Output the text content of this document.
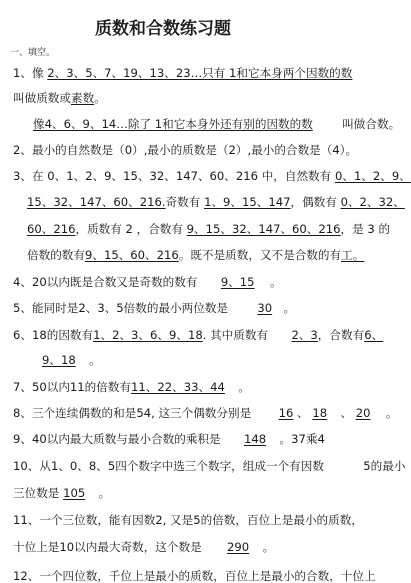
质数和合数练习题
一、填空。
1、像 2、3、5、7、19、13、23…只有 1和它本身两个因数的数
叫做质数或素数。
像4、6、9、14…除了 1和它本身外还有别的因数的数	叫做合数。
2、最小的自然数是（0）,最小的质数是（2）,最小的合数是（4）。
3、在 0、1、2、9、15、32、147、60、216 中，自然数有 0、1、2、9、
15、32、147、60、216.奇数有 1、9、15、147，偶数有 0、2、32、
60、216，质数有 2 ，合数有 9、15、32、147、60、216，是 3 的
倍数的数有9、15、60、216。既不是质数，又不是合数的有工。
4、20以内既是合数又是奇数的数有 9、15 。
5、能同时是2、3、5倍数的最小两位数是	30 。
6、18的因数有1、2、3、6、9、18. 其中质数有 2、3，合数有6、
9、18 。
7、50以内11的倍数有11、22、33、44 。
8、三个连续偶数的和是54, 这三个偶数分别是 16 、 18 、 20 。
9、40以内最大质数与最小合数的乘积是 148 。37乘4
10、从1、0、8、5四个数字中选三个数字，组成一个有因数	5的最小
三位数是 105 。
11、一个三位数，能有因数2, 又是5的倍数，百位上是最小的质数，
十位上是10以内最大奇数，这个数是 290 。
12、一个四位数，千位上是最小的质数，百位上是最小的合数，十位上
